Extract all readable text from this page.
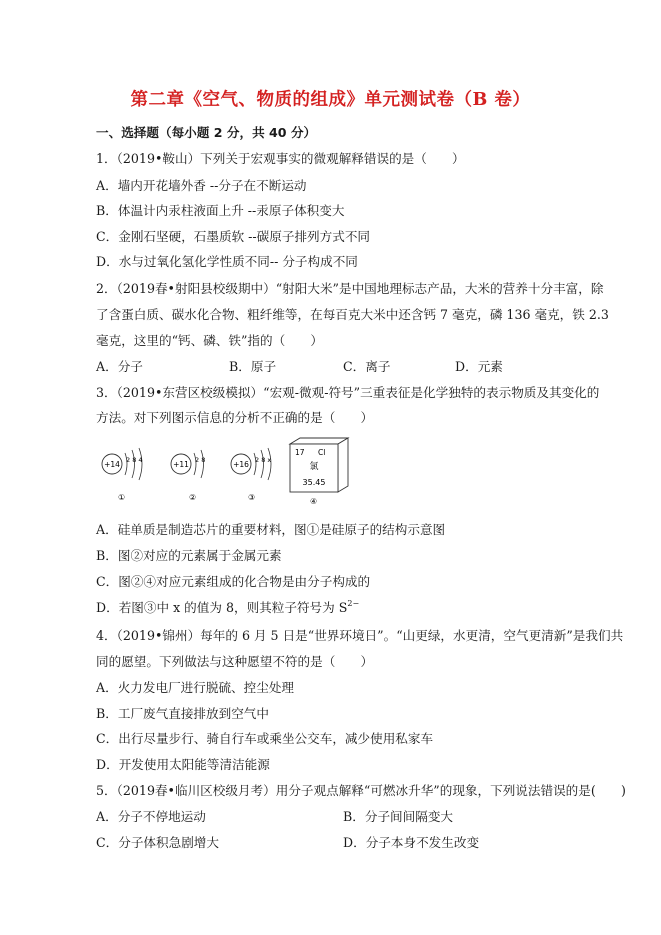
第二章《空气、物质的组成》单元测试卷（B 卷）
一、选择题（每小题 2 分，共 40 分）
1．（2019•鞍山）下列关于宏观事实的微观解释错误的是（　　）
A．墙内开花墙外香 --分子在不断运动
B．体温计内汞柱液面上升 --汞原子体积变大
C．金刚石坚硬，石墨质软 --碳原子排列方式不同
D．水与过氧化氢化学性质不同-- 分子构成不同
2．（2019春•射阳县校级期中）“射阳大米”是中国地理标志产品，大米的营养十分丰富，除
了含蛋白质、碳水化合物、粗纤维等，在每百克大米中还含钙 7 毫克，磷 136 毫克，铁 2.3
毫克，这里的“钙、磷、铁”指的（　　）
A．分子	B．原子	C．离子	D．元素
3．（2019•东营区校级模拟）“宏观-微观-符号”三重表征是化学独特的表示物质及其变化的
方法。对下列图示信息的分析不正确的是（　　）
+14 2 8 4
①
+11 2 8
②
+16 2 8 x
③
17 Cl
氯
35.45
④
A．硅单质是制造芯片的重要材料，图①是硅原子的结构示意图
B．图②对应的元素属于金属元素
C．图②④对应元素组成的化合物是由分子构成的
D．若图③中 x 的值为 8，则其粒子符号为 $S^{2-}$
4．（2019•锦州）每年的 6 月 5 日是“世界环境日”。“山更绿，水更清，空气更清新”是我们共
同的愿望。下列做法与这种愿望不符的是（　　）
A．火力发电厂进行脱硫、控尘处理
B．工厂废气直接排放到空气中
C．出行尽量步行、骑自行车或乘坐公交车，减少使用私家车
D．开发使用太阳能等清洁能源
5．（2019春•临川区校级月考）用分子观点解释“可燃冰升华”的现象，下列说法错误的是(　　)
A．分子不停地运动	B．分子间间隔变大
C．分子体积急剧增大	D．分子本身不发生改变
